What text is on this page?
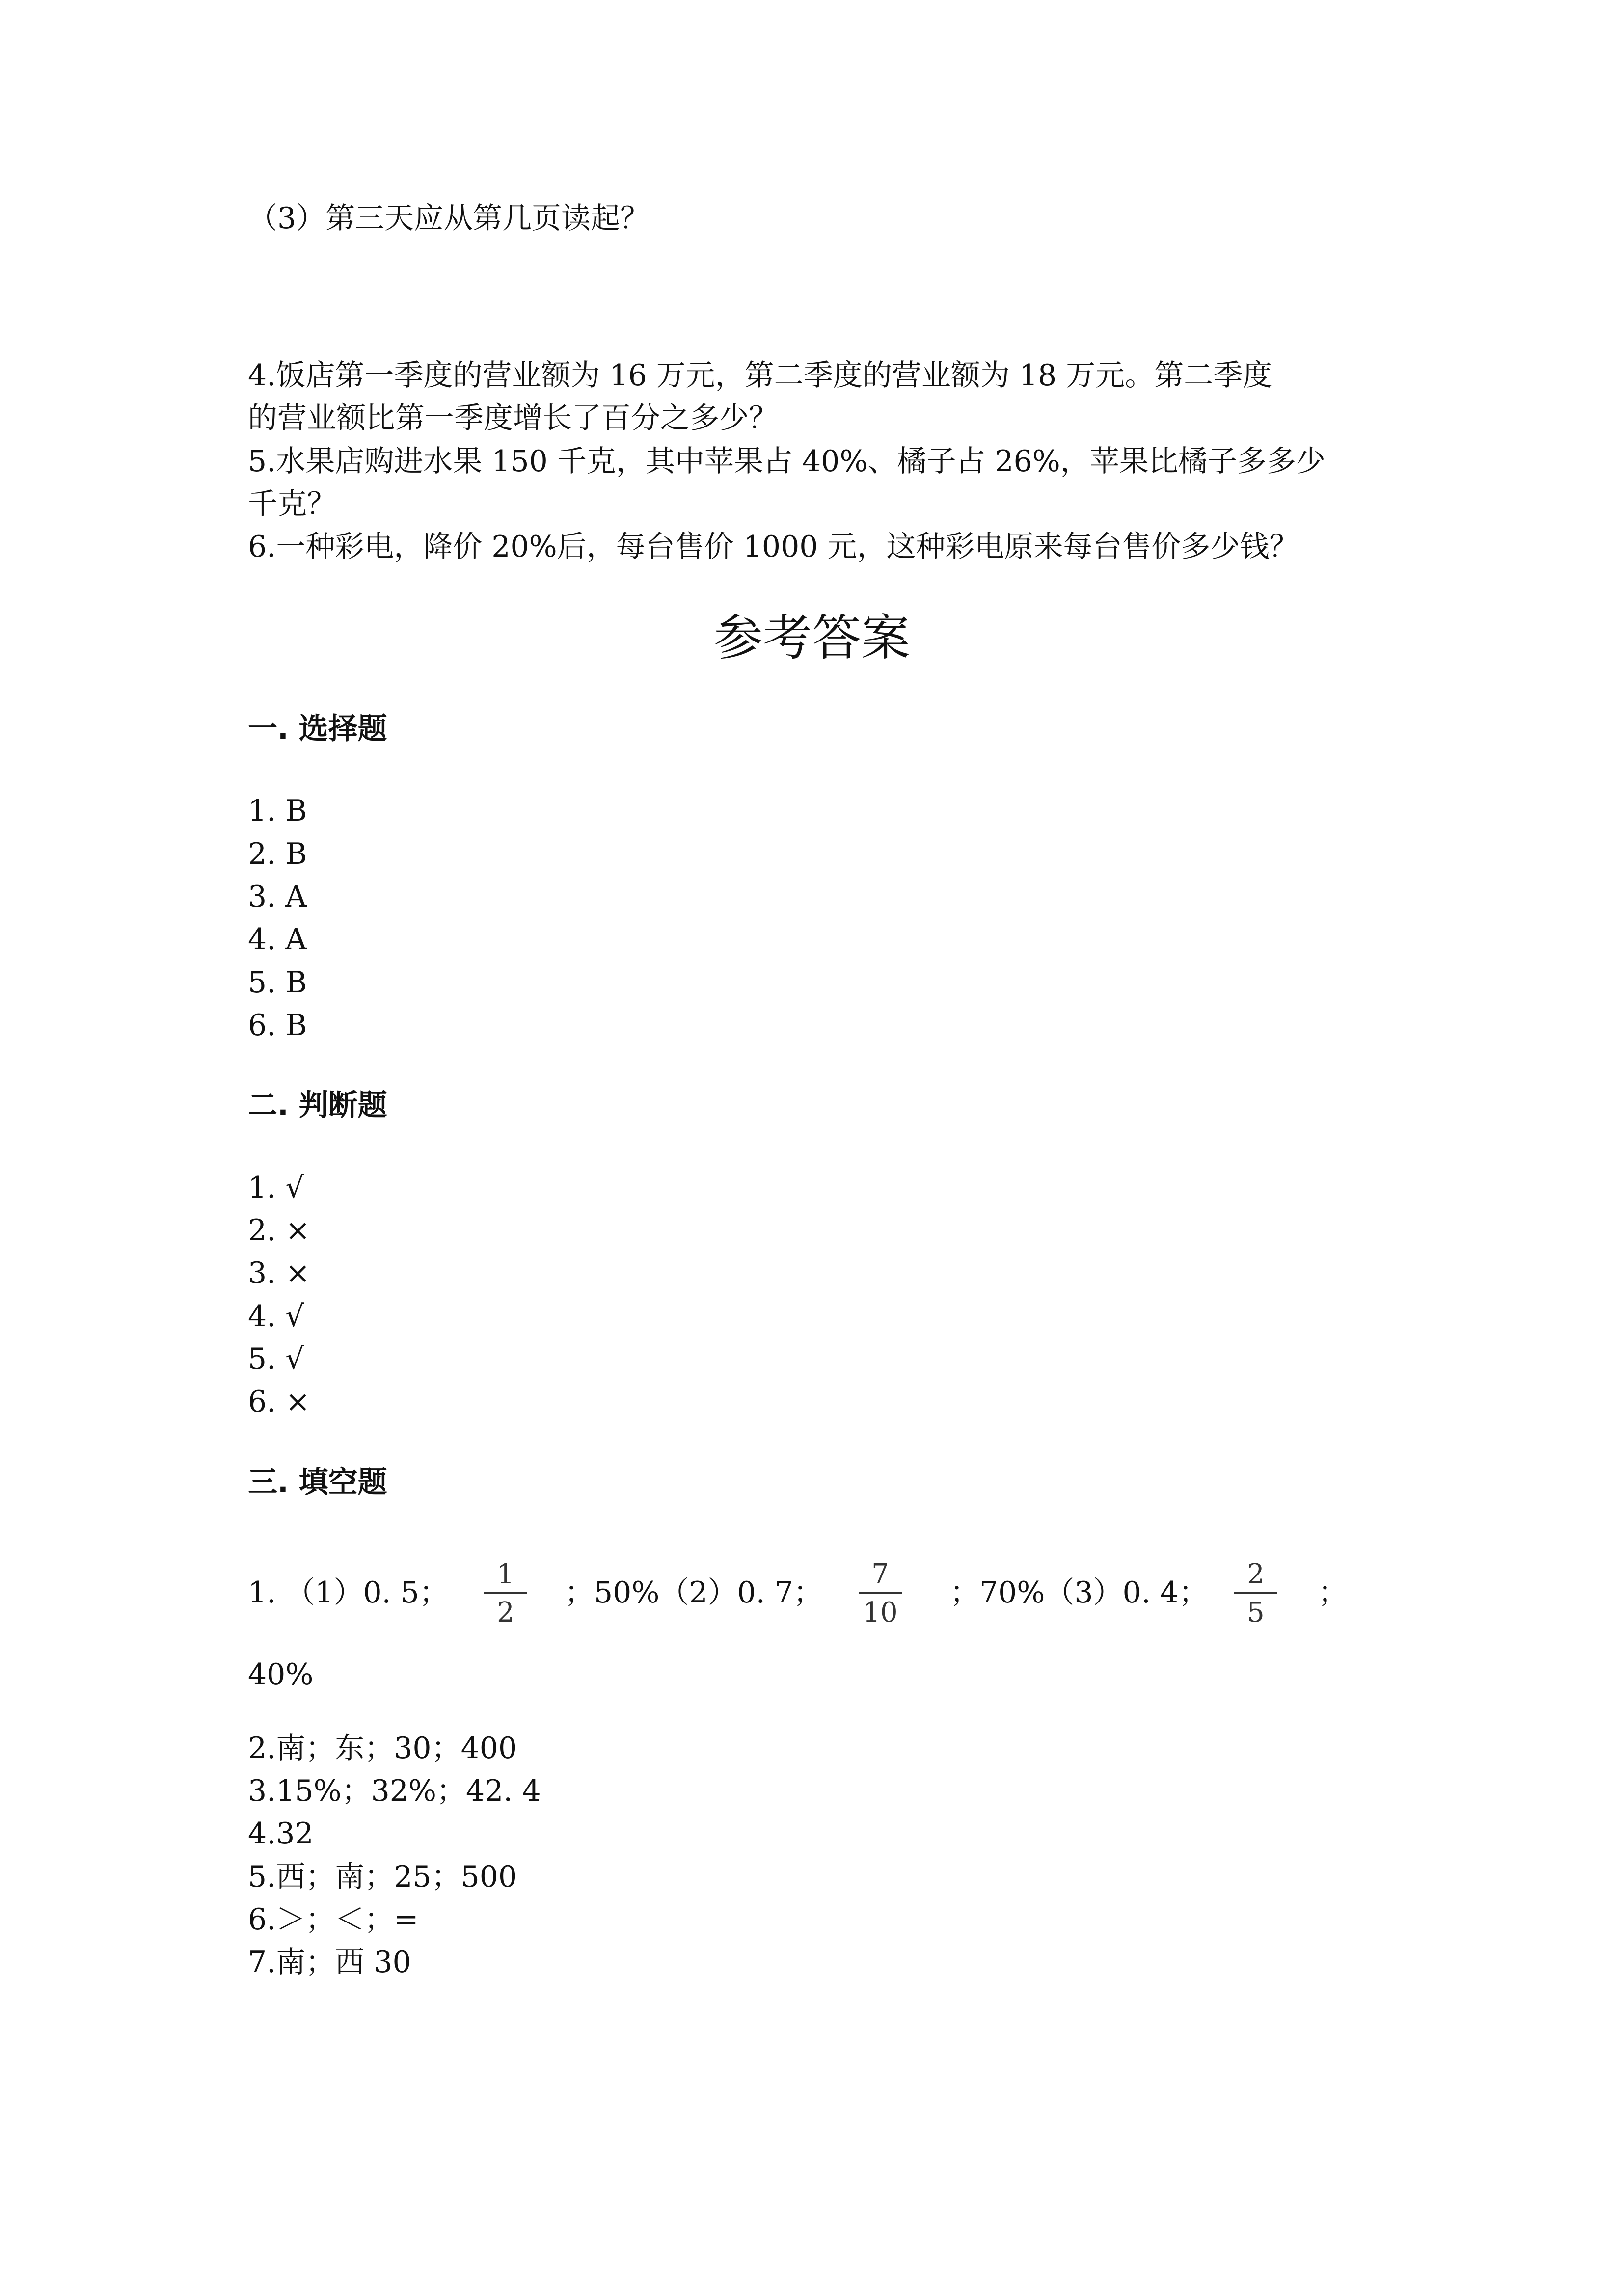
（3）第三天应从第几页读起？
4.饭店第一季度的营业额为 16 万元，第二季度的营业额为 18 万元。第二季度
的营业额比第一季度增长了百分之多少？
5.水果店购进水果 150 千克，其中苹果占 40%、橘子占 26%，苹果比橘子多多少
千克？
6.一种彩电，降价 20%后，每台售价 1000 元，这种彩电原来每台售价多少钱？
参考答案
一. 选择题
1. B
2. B
3. A
4. A
5. B
6. B
二. 判断题
1. √
2. ×
3. ×
4. √
5. √
6. ×
三. 填空题
1. （1）0. 5；
1
2
；50%（2）0. 7；
7
10
；70%（3）0. 4；
2
5
；
40%
2.南；东；30；400
3.15%；32%；42. 4
4.32
5.西；南；25；500
6.＞；＜；=
7.南；西 30
